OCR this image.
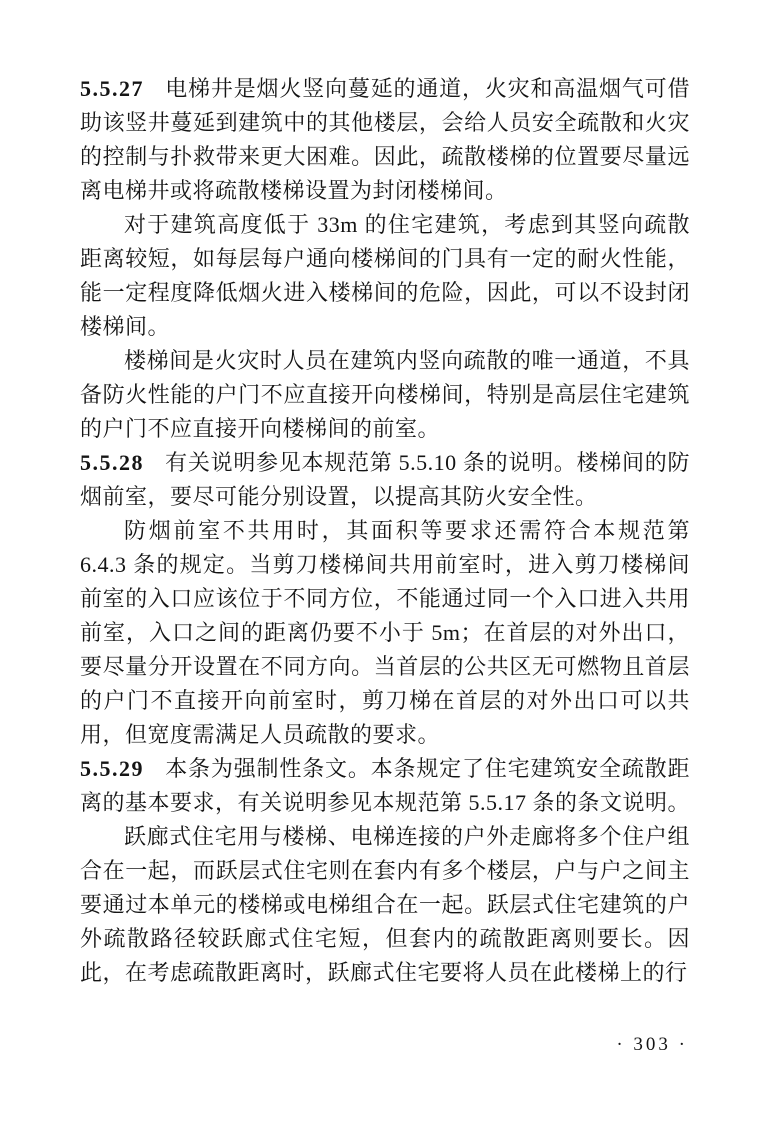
5.5.27 电梯井是烟火竖向蔓延的通道，火灾和高温烟气可借助该竖井蔓延到建筑中的其他楼层，会给人员安全疏散和火灾的控制与扑救带来更大困难。因此，疏散楼梯的位置要尽量远离电梯井或将疏散楼梯设置为封闭楼梯间。

对于建筑高度低于 33m 的住宅建筑，考虑到其竖向疏散距离较短，如每层每户通向楼梯间的门具有一定的耐火性能，能一定程度降低烟火进入楼梯间的危险，因此，可以不设封闭楼梯间。

楼梯间是火灾时人员在建筑内竖向疏散的唯一通道，不具备防火性能的户门不应直接开向楼梯间，特别是高层住宅建筑的户门不应直接开向楼梯间的前室。

5.5.28 有关说明参见本规范第 5.5.10 条的说明。楼梯间的防烟前室，要尽可能分别设置，以提高其防火安全性。

防烟前室不共用时，其面积等要求还需符合本规范第 6.4.3 条的规定。当剪刀楼梯间共用前室时，进入剪刀楼梯间前室的入口应该位于不同方位，不能通过同一个入口进入共用前室，入口之间的距离仍要不小于 5m；在首层的对外出口，要尽量分开设置在不同方向。当首层的公共区无可燃物且首层的户门不直接开向前室时，剪刀梯在首层的对外出口可以共用，但宽度需满足人员疏散的要求。

5.5.29 本条为强制性条文。本条规定了住宅建筑安全疏散距离的基本要求，有关说明参见本规范第 5.5.17 条的条文说明。

跃廊式住宅用与楼梯、电梯连接的户外走廊将多个住户组合在一起，而跃层式住宅则在套内有多个楼层，户与户之间主要通过本单元的楼梯或电梯组合在一起。跃层式住宅建筑的户外疏散路径较跃廊式住宅短，但套内的疏散距离则要长。因此，在考虑疏散距离时，跃廊式住宅要将人员在此楼梯上的行

· 303 ·
